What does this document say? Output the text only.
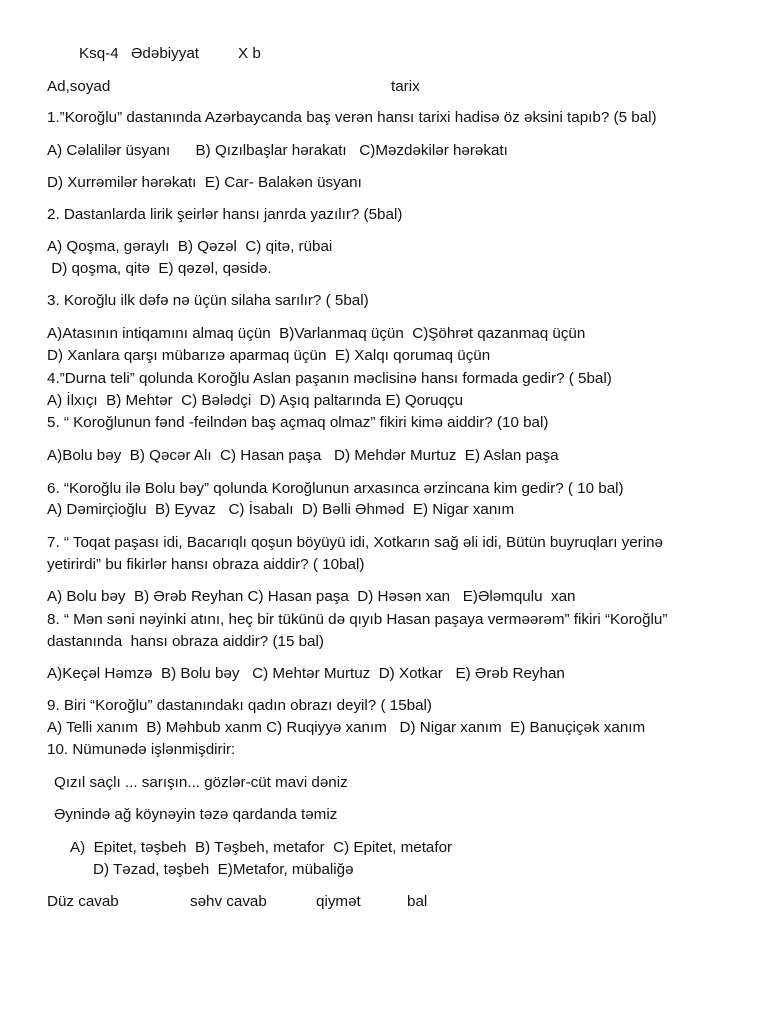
Ksq-4 Ədəbiyyat	X b
Ad,soyad	tarix
1.”Koroğlu” dastanında Azərbaycanda baş verən hansı tarixi hadisə öz əksini tapıb? (5 bal)
A) Cəlalilər üsyanı      B) Qızılbaşlar hərakatı   C)Məzdəkilər hərəkatı
D) Xurrəmilər hərəkatı  E) Car- Balakən üsyanı
2. Dastanlarda lirik şeirlər hansı janrda yazılır? (5bal)
A) Qoşma, gəraylı  B) Qəzəl  C) qitə, rübai
D) qoşma, qitə  E) qəzəl, qəsidə.
3. Koroğlu ilk dəfə nə üçün silaha sarılır? ( 5bal)
A)Atasının intiqamını almaq üçün  B)Varlanmaq üçün  C)Şöhrət qazanmaq üçün
D) Xanlara qarşı mübarızə aparmaq üçün  E) Xalqı qorumaq üçün
4.”Durna teli” qolunda Koroğlu Aslan paşanın məclisinə hansı formada gedir? ( 5bal)
A) İlxıçı  B) Mehtər  C) Bələdçi  D) Aşıq paltarında E) Qoruqçu
5. “ Koroğlunun fənd -feilndən baş açmaq olmaz” fikiri kimə aiddir? (10 bal)
A)Bolu bəy  B) Qəcər Alı  C) Hasan paşa   D) Mehdər Murtuz  E) Aslan paşa
6. “Koroğlu ilə Bolu bəy” qolunda Koroğlunun arxasıncа ərzincana kim gedir? ( 10 bal)
A) Dəmirçioğlu  B) Eyvaz   C) İsabalı  D) Bəlli Əhməd  E) Nigar xanım
7. “ Toqat paşası idi, Bacarıqlı qoşun böyüyü idi, Xotkarın sağ əli idi, Bütün buyruqları yerinə
yetirirdi” bu fikirlər hansı obraza aiddir? ( 10bal)
A) Bolu bəy  B) Ərəb Reyhan C) Hasan paşa  D) Həsən xan   E)Ələmqulu  xan
8. “ Mən səni nəyinki atını, heç bir tükünü də qıyıb Hasan paşaya verməərəm” fikiri “Koroğlu”
dastanında  hansı obraza aiddir? (15 bal)
A)Keçəl Həmzə  B) Bolu bəy   C) Mehtər Murtuz  D) Xotkar   E) Ərəb Reyhan
9. Biri “Koroğlu” dastanındakı qadın obrazı deyil? ( 15bal)
A) Telli xanım  B) Məhbub xanm C) Ruqiyyə xanım   D) Nigar xanım  E) Banuçiçək xanım
10. Nümunədə işlənmişdirir:
Qızıl saçlı ... sarışın... gözlər-cüt mavi dəniz
Əynində ağ köynəyin təzə qardanda təmiz
A)  Epitet, təşbeh  B) Təşbeh, metafor  C) Epitet, metafor
D) Təzad, təşbeh  E)Metafor, mübaliğə
Düz cavab	səhv cavab	qiymət	bal
